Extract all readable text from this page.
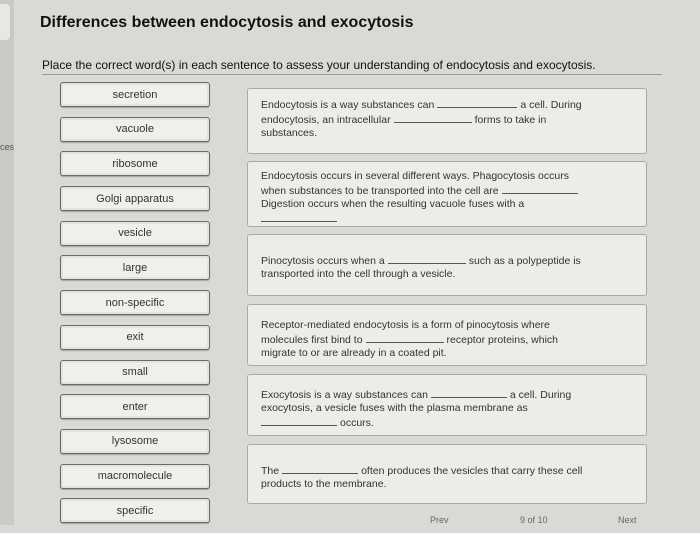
ces
Differences between endocytosis and exocytosis
Place the correct word(s) in each sentence to assess your understanding of endocytosis and exocytosis.
secretion
vacuole
ribosome
Golgi apparatus
vesicle
large
non-specific
exit
small
enter
lysosome
macromolecule
specific
Endocytosis is a way substances can	a cell. During
endocytosis, an intracellular	forms to take in
substances.
Endocytosis occurs in several different ways. Phagocytosis occurs
when substances to be transported into the cell are
Digestion occurs when the resulting vacuole fuses with a
Pinocytosis occurs when a	such as a polypeptide is
transported into the cell through a vesicle.
Receptor-mediated endocytosis is a form of pinocytosis where
molecules first bind to	receptor proteins, which
migrate to or are already in a coated pit.
Exocytosis is a way substances can	a cell. During
exocytosis, a vesicle fuses with the plasma membrane as
occurs.
The	often produces the vesicles that carry these cell
products to the membrane.
Prev	9 of 10	Next
